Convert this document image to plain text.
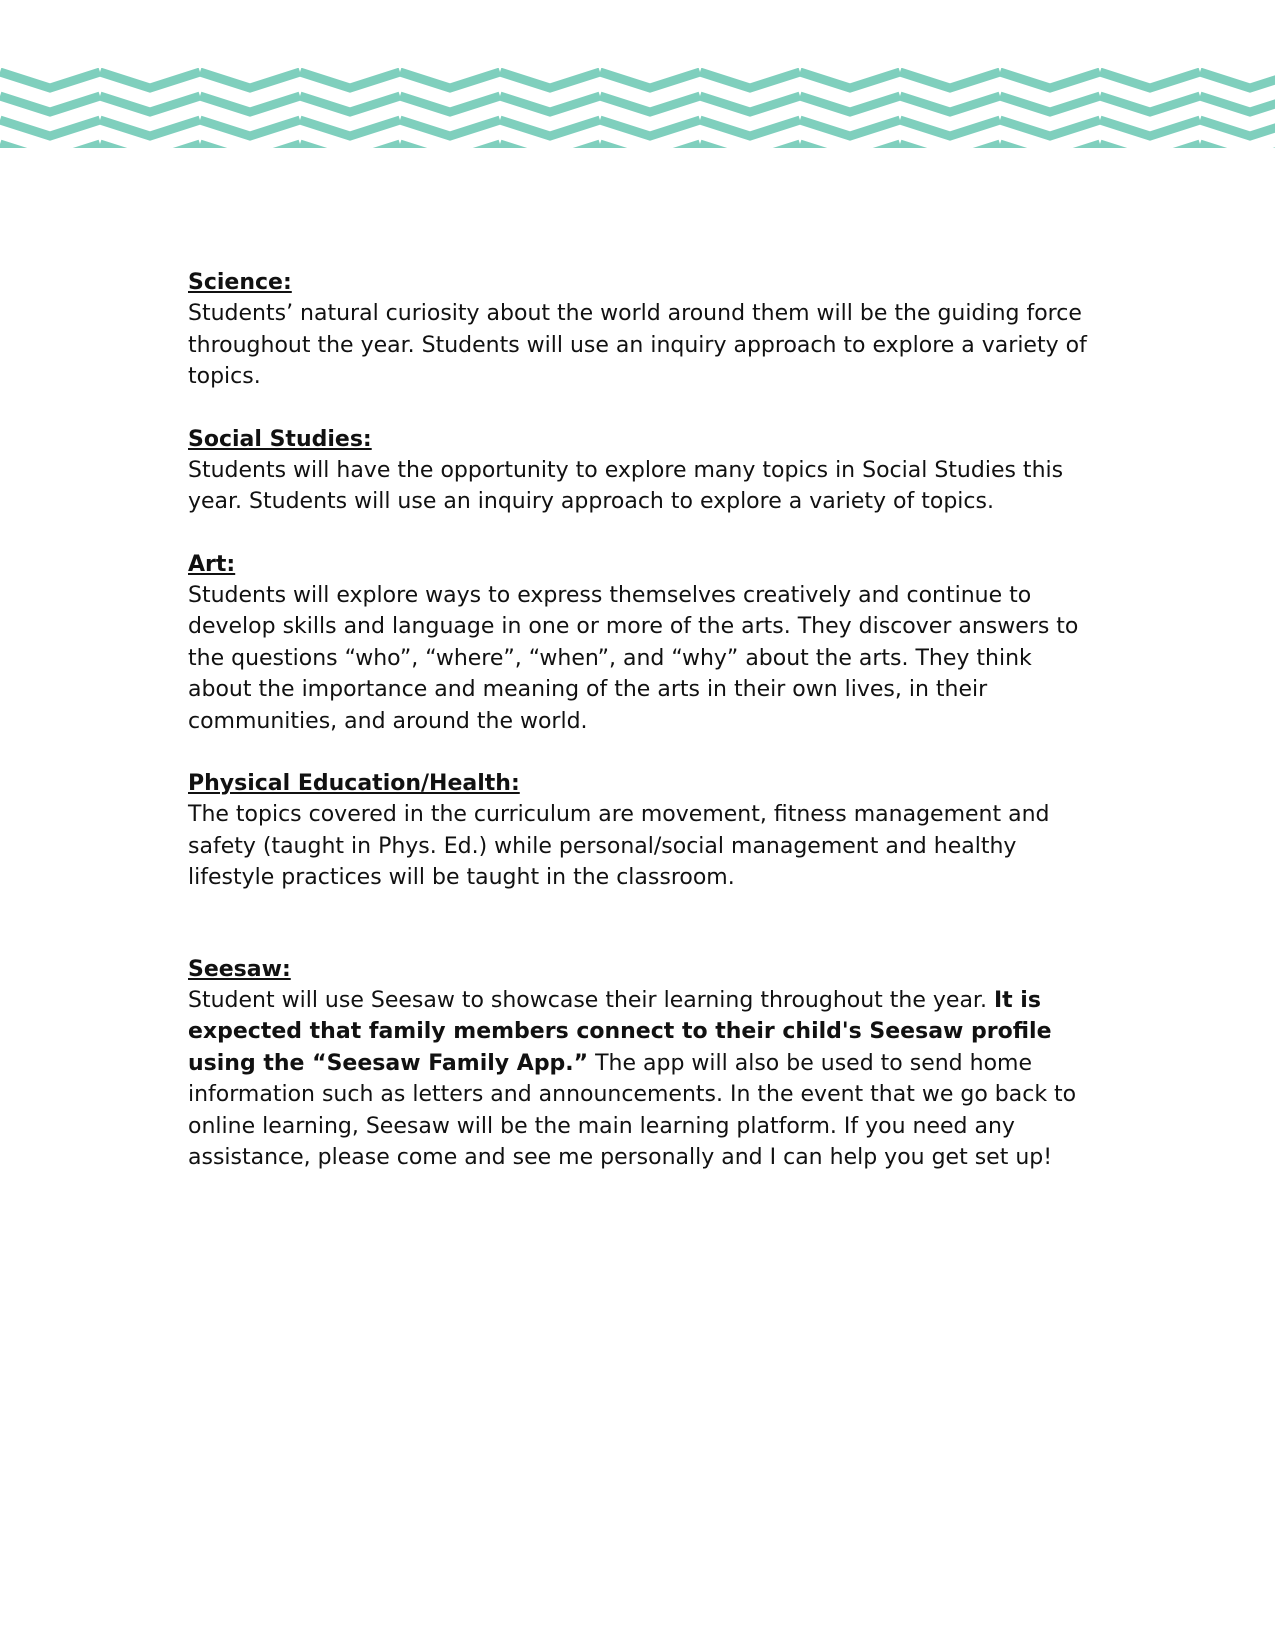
Science:

Students’ natural curiosity about the world around them will be the guiding force throughout the year. Students will use an inquiry approach to explore a variety of topics.

Social Studies:

Students will have the opportunity to explore many topics in Social Studies this year. Students will use an inquiry approach to explore a variety of topics.

Art:

Students will explore ways to express themselves creatively and continue to develop skills and language in one or more of the arts. They discover answers to the questions “who”, “where”, “when”, and “why” about the arts. They think about the importance and meaning of the arts in their own lives, in their communities, and around the world.

Physical Education/Health:

The topics covered in the curriculum are movement, fitness management and safety (taught in Phys. Ed.) while personal/social management and healthy lifestyle practices will be taught in the classroom.

Seesaw:

Student will use Seesaw to showcase their learning throughout the year. It is expected that family members connect to their child's Seesaw profile using the “Seesaw Family App.” The app will also be used to send home information such as letters and announcements. In the event that we go back to online learning, Seesaw will be the main learning platform. If you need any assistance, please come and see me personally and I can help you get set up!
